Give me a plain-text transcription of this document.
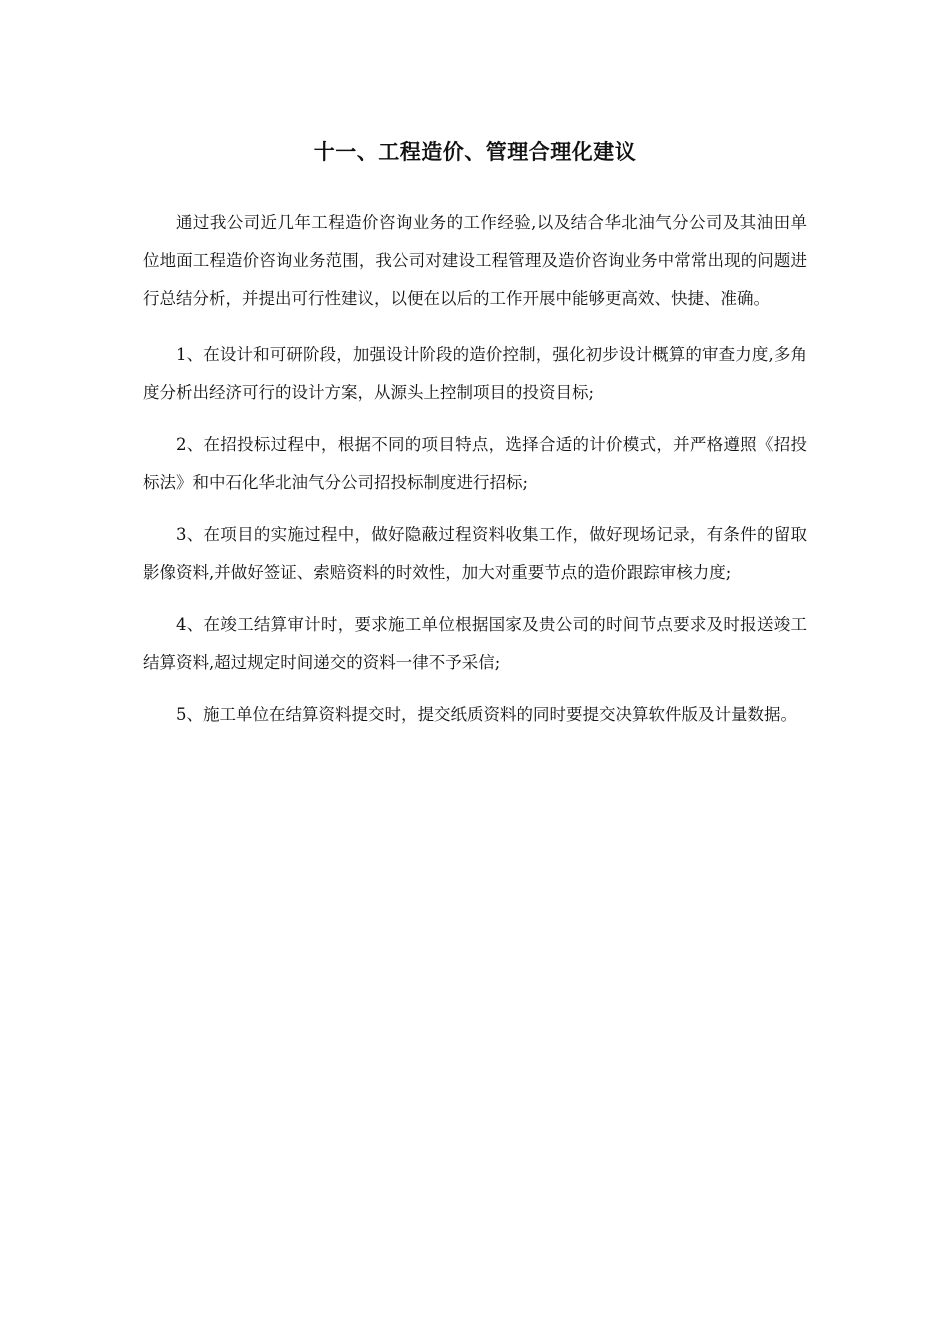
十一、工程造价、管理合理化建议

通过我公司近几年工程造价咨询业务的工作经验,以及结合华北油气分公司及其油田单位地面工程造价咨询业务范围，我公司对建设工程管理及造价咨询业务中常常出现的问题进行总结分析，并提出可行性建议，以便在以后的工作开展中能够更高效、快捷、准确。

1、在设计和可研阶段，加强设计阶段的造价控制，强化初步设计概算的审查力度,多角度分析出经济可行的设计方案，从源头上控制项目的投资目标;

2、在招投标过程中，根据不同的项目特点，选择合适的计价模式，并严格遵照《招投标法》和中石化华北油气分公司招投标制度进行招标;

3、在项目的实施过程中，做好隐蔽过程资料收集工作，做好现场记录，有条件的留取影像资料,并做好签证、索赔资料的时效性，加大对重要节点的造价跟踪审核力度;

4、在竣工结算审计时，要求施工单位根据国家及贵公司的时间节点要求及时报送竣工结算资料,超过规定时间递交的资料一律不予采信;

5、施工单位在结算资料提交时，提交纸质资料的同时要提交决算软件版及计量数据。
